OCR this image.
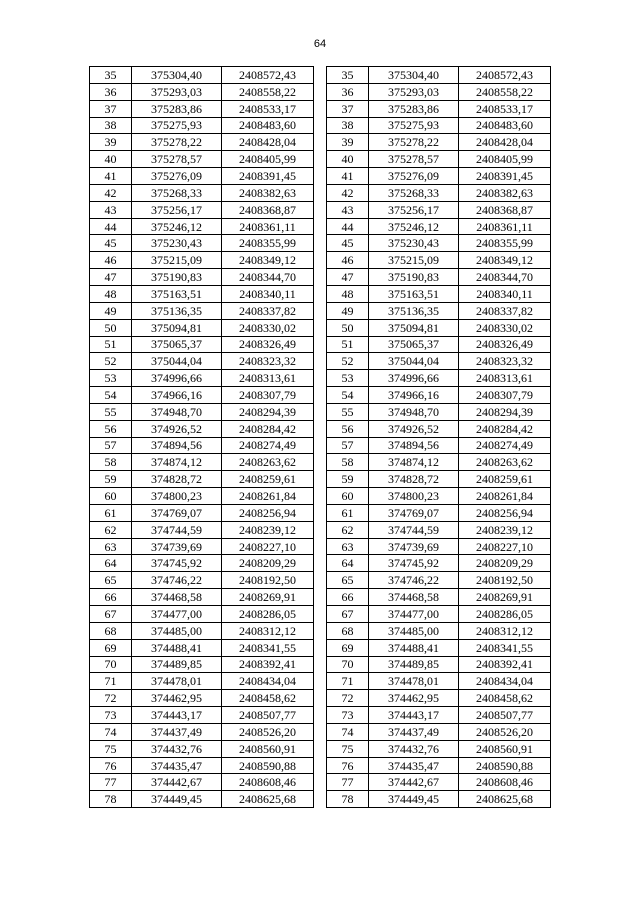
64
35	375304,40	2408572,43
36	375293,03	2408558,22
37	375283,86	2408533,17
38	375275,93	2408483,60
39	375278,22	2408428,04
40	375278,57	2408405,99
41	375276,09	2408391,45
42	375268,33	2408382,63
43	375256,17	2408368,87
44	375246,12	2408361,11
45	375230,43	2408355,99
46	375215,09	2408349,12
47	375190,83	2408344,70
48	375163,51	2408340,11
49	375136,35	2408337,82
50	375094,81	2408330,02
51	375065,37	2408326,49
52	375044,04	2408323,32
53	374996,66	2408313,61
54	374966,16	2408307,79
55	374948,70	2408294,39
56	374926,52	2408284,42
57	374894,56	2408274,49
58	374874,12	2408263,62
59	374828,72	2408259,61
60	374800,23	2408261,84
61	374769,07	2408256,94
62	374744,59	2408239,12
63	374739,69	2408227,10
64	374745,92	2408209,29
65	374746,22	2408192,50
66	374468,58	2408269,91
67	374477,00	2408286,05
68	374485,00	2408312,12
69	374488,41	2408341,55
70	374489,85	2408392,41
71	374478,01	2408434,04
72	374462,95	2408458,62
73	374443,17	2408507,77
74	374437,49	2408526,20
75	374432,76	2408560,91
76	374435,47	2408590,88
77	374442,67	2408608,46
78	374449,45	2408625,68
35	375304,40	2408572,43
36	375293,03	2408558,22
37	375283,86	2408533,17
38	375275,93	2408483,60
39	375278,22	2408428,04
40	375278,57	2408405,99
41	375276,09	2408391,45
42	375268,33	2408382,63
43	375256,17	2408368,87
44	375246,12	2408361,11
45	375230,43	2408355,99
46	375215,09	2408349,12
47	375190,83	2408344,70
48	375163,51	2408340,11
49	375136,35	2408337,82
50	375094,81	2408330,02
51	375065,37	2408326,49
52	375044,04	2408323,32
53	374996,66	2408313,61
54	374966,16	2408307,79
55	374948,70	2408294,39
56	374926,52	2408284,42
57	374894,56	2408274,49
58	374874,12	2408263,62
59	374828,72	2408259,61
60	374800,23	2408261,84
61	374769,07	2408256,94
62	374744,59	2408239,12
63	374739,69	2408227,10
64	374745,92	2408209,29
65	374746,22	2408192,50
66	374468,58	2408269,91
67	374477,00	2408286,05
68	374485,00	2408312,12
69	374488,41	2408341,55
70	374489,85	2408392,41
71	374478,01	2408434,04
72	374462,95	2408458,62
73	374443,17	2408507,77
74	374437,49	2408526,20
75	374432,76	2408560,91
76	374435,47	2408590,88
77	374442,67	2408608,46
78	374449,45	2408625,68
